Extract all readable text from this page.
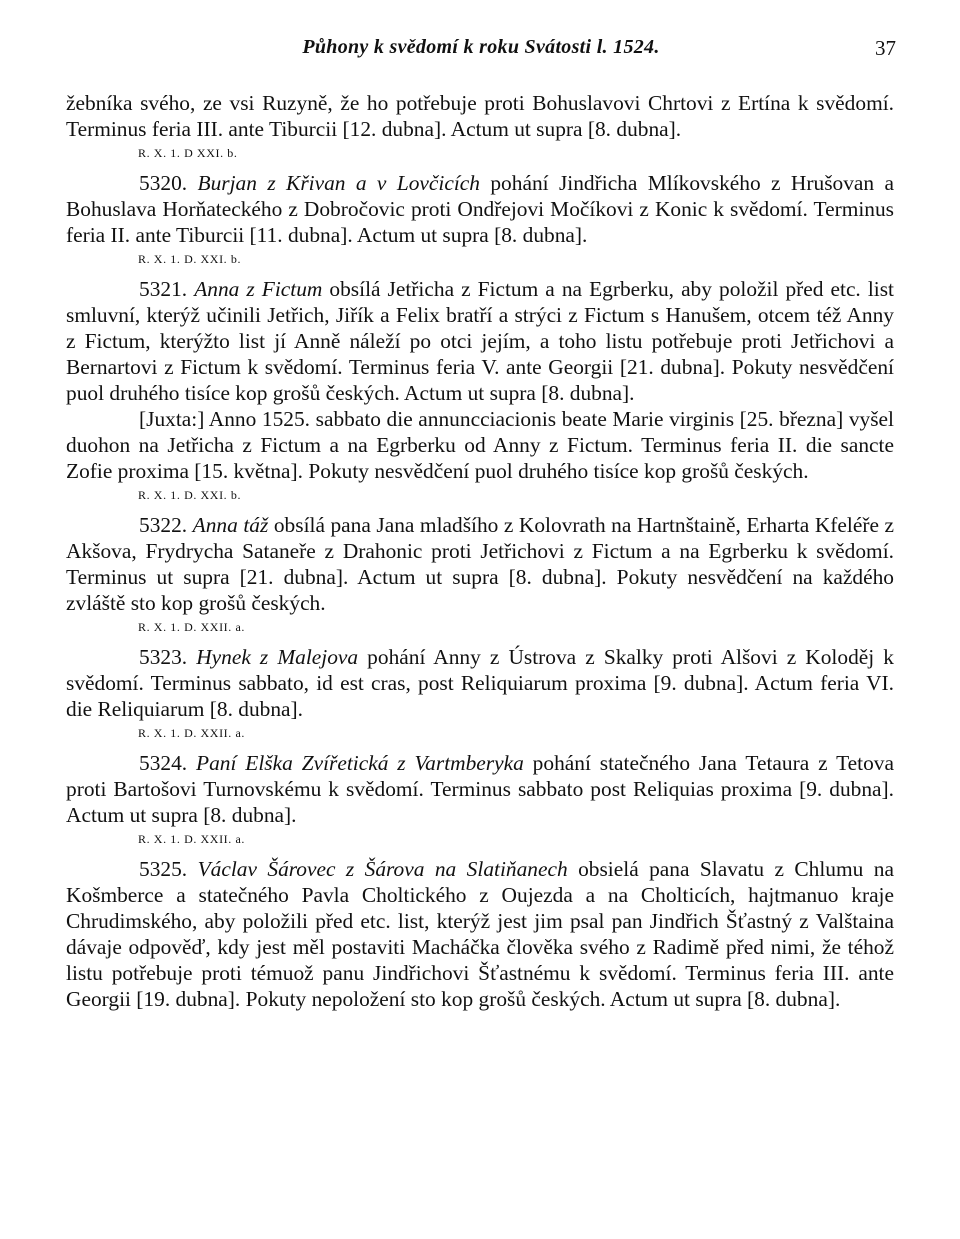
Půhony k svědomí k roku Svátosti l. 1524.	37

žebníka svého, ze vsi Ruzyně, že ho potřebuje proti Bohuslavovi Chrtovi z Ertína k svědomí. Terminus feria III. ante Tiburcii [12. dubna]. Actum ut supra [8. dubna].

R. X. 1. D XXI. b.

5320. Burjan z Křivan a v Lovčicích pohání Jindřicha Mlíkovského z Hrušovan a Bohuslava Horňateckého z Dobročovic proti Ondřejovi Močíkovi z Konic k svědomí. Terminus feria II. ante Tiburcii [11. dubna]. Actum ut supra [8. dubna].

R. X. 1. D. XXI. b.

5321. Anna z Fictum obsílá Jetřicha z Fictum a na Egrberku, aby položil před etc. list smluvní, kterýž učinili Jetřich, Jiřík a Felix bratří a strýci z Fictum s Hanušem, otcem též Anny z Fictum, kterýžto list jí Anně náleží po otci jejím, a toho listu potřebuje proti Jetřichovi a Bernartovi z Fictum k svědomí. Terminus feria V. ante Georgii [21. dubna]. Pokuty nesvědčení puol druhého tisíce kop grošů českých. Actum ut supra [8. dubna].

[Juxta:] Anno 1525. sabbato die annuncciacionis beate Marie virginis [25. března] vyšel duohon na Jetřicha z Fictum a na Egrberku od Anny z Fictum. Terminus feria II. die sancte Zofie proxima [15. května]. Pokuty nesvědčení puol druhého tisíce kop grošů českých.

R. X. 1. D. XXI. b.

5322. Anna táž obsílá pana Jana mladšího z Kolovrath na Hartnštaině, Erharta Kfeléře z Akšova, Frydrycha Sataneře z Drahonic proti Jetřichovi z Fictum a na Egrberku k svědomí. Terminus ut supra [21. dubna]. Actum ut supra [8. dubna]. Pokuty nesvědčení na každého zvláště sto kop grošů českých.

R. X. 1. D. XXII. a.

5323. Hynek z Malejova pohání Anny z Ústrova z Skalky proti Alšovi z Koloděj k svědomí. Terminus sabbato, id est cras, post Reliquiarum proxima [9. dubna]. Actum feria VI. die Reliquiarum [8. dubna].

R. X. 1. D. XXII. a.

5324. Paní Elška Zvířetická z Vartmberyka pohání statečného Jana Tetaura z Tetova proti Bartošovi Turnovskému k svědomí. Terminus sabbato post Reliquias proxima [9. dubna]. Actum ut supra [8. dubna].

R. X. 1. D. XXII. a.

5325. Václav Šárovec z Šárova na Slatiňanech obsielá pana Slavatu z Chlumu na Košmberce a statečného Pavla Choltického z Oujezda a na Cholticích, hajtmanuo kraje Chrudimského, aby položili před etc. list, kterýž jest jim psal pan Jindřich Šťastný z Valštaina dávaje odpověď, kdy jest měl postaviti Macháčka člověka svého z Radimě před nimi, že téhož listu potřebuje proti témuož panu Jindřichovi Šťastnému k svědomí. Terminus feria III. ante Georgii [19. dubna]. Pokuty nepoložení sto kop grošů českých. Actum ut supra [8. dubna].
